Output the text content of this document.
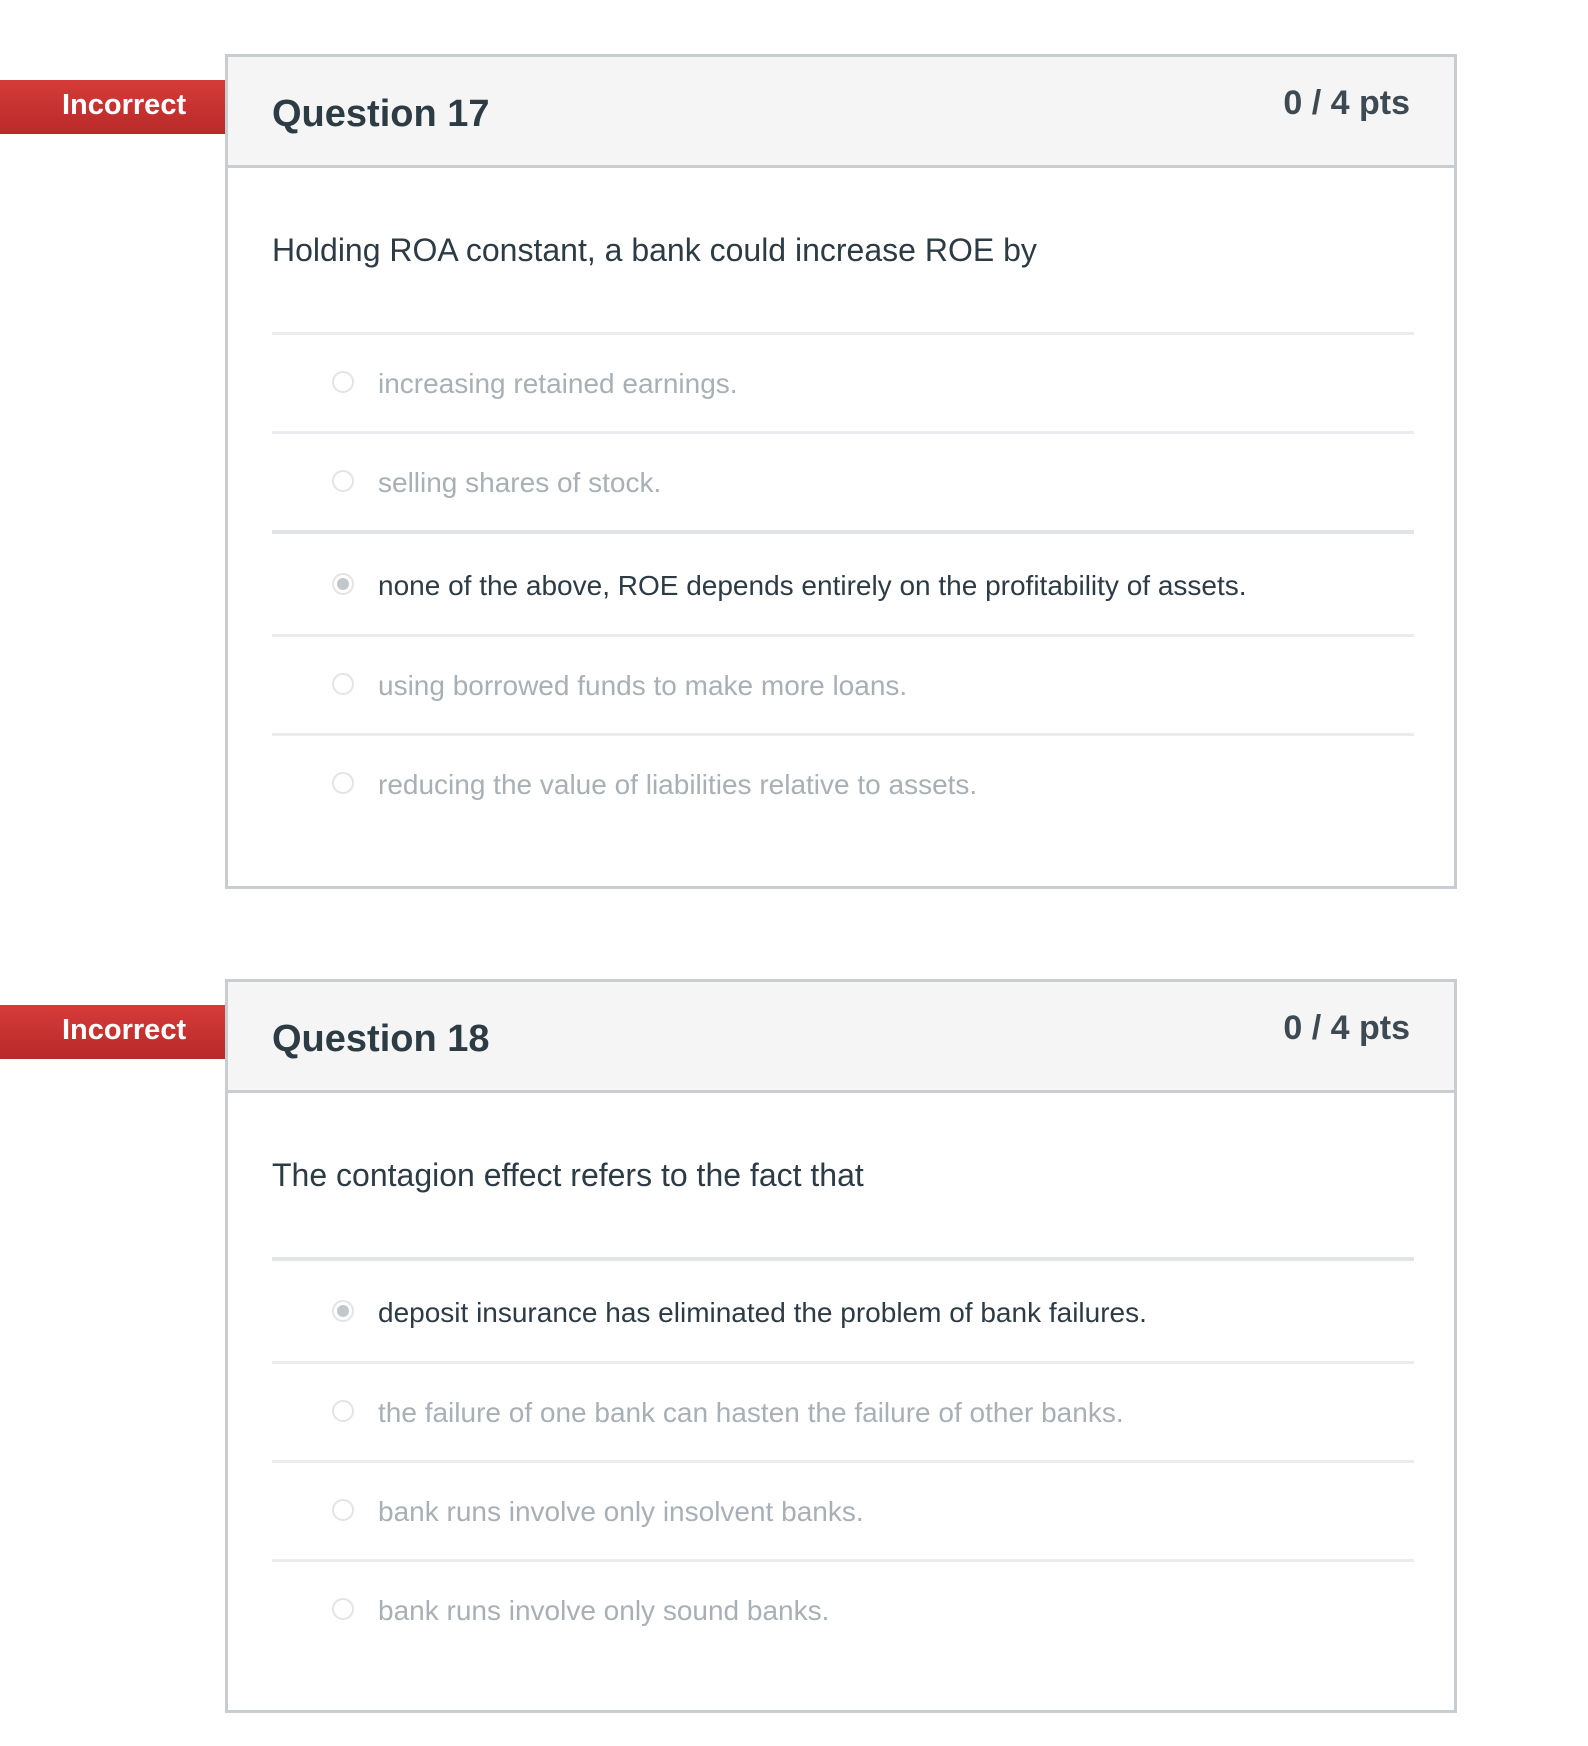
Incorrect Question 17	0 / 4 pts
Holding ROA constant, a bank could increase ROE by
increasing retained earnings.
selling shares of stock.
none of the above, ROE depends entirely on the profitability of assets.
using borrowed funds to make more loans.
reducing the value of liabilities relative to assets.
Incorrect Question 18	0 / 4 pts
The contagion effect refers to the fact that
deposit insurance has eliminated the problem of bank failures.
the failure of one bank can hasten the failure of other banks.
bank runs involve only insolvent banks.
bank runs involve only sound banks.
